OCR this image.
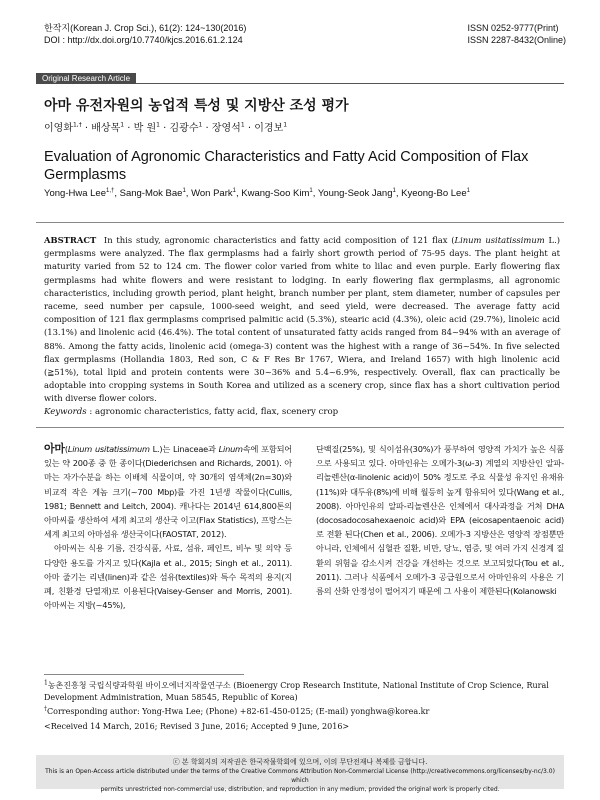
한작지(Korean J. Crop Sci.), 61(2): 124~130(2016)
DOI : http://dx.doi.org/10.7740/kjcs.2016.61.2.124
ISSN 0252-9777(Print)
ISSN 2287-8432(Online)
Original Research Article
아마 유전자원의 농업적 특성 및 지방산 조성 평가
이영화$^{1,\dagger}$ · 배상목$^1$ · 박 원$^1$ · 김광수$^1$ · 장영석$^1$ · 이경보$^1$
Evaluation of Agronomic Characteristics and Fatty Acid Composition of Flax Germplasms
Yong-Hwa Lee$^{1,\dagger}$, Sang-Mok Bae$^1$, Won Park$^1$, Kwang-Soo Kim$^1$, Young-Seok Jang$^1$, Kyeong-Bo Lee$^1$
ABSTRACT In this study, agronomic characteristics and fatty acid composition of 121 flax (Linum usitatissimum L.) germplasms were analyzed. The flax germplasms had a fairly short growth period of 75-95 days. The plant height at maturity varied from 52 to 124 cm. The flower color varied from white to lilac and even purple. Early flowering flax germplasms had white flowers and were resistant to lodging. In early flowering flax germplasms, all agronomic characteristics, including growth period, plant height, branch number per plant, stem diameter, number of capsules per raceme, seed number per capsule, 1000-seed weight, and seed yield, were decreased. The average fatty acid composition of 121 flax germplasms comprised palmitic acid (5.3%), stearic acid (4.3%), oleic acid (29.7%), linoleic acid (13.1%) and linolenic acid (46.4%). The total content of unsaturated fatty acids ranged from 84~94% with an average of 88%. Among the fatty acids, linolenic acid (omega-3) content was the highest with a range of 36~54%. In five selected flax germplasms (Hollandia 1803, Red son, C & F Res Br 1767, Wiera, and Ireland 1657) with high linolenic acid (≧51%), total lipid and protein contents were 30~36% and 5.4~6.9%, respectively. Overall, flax can practically be adoptable into cropping systems in South Korea and utilized as a scenery crop, since flax has a short cultivation period with diverse flower colors.
Keywords : agronomic characteristics, fatty acid, flax, scenery crop

아마(Linum usitatissimum L.)는 Linaceae과 Linum속에 포함되어 있는 약 200종 중 한 종이다(Diederichsen and Richards, 2001). 아마는 자가수분을 하는 이배체 식물이며, 약 30개의 염색체(2n=30)와 비교적 작은 게놈 크기(~700 Mbp)를 가진 1년생 작물이다(Cullis, 1981; Bennett and Leitch, 2004). 캐나다는 2014년 614,800톤의 아마씨를 생산하여 세계 최고의 생산국 이고(Flax Statistics), 프랑스는 세계 최고의 아마섬유 생산국이다(FAOSTAT, 2012).

아마씨는 식용 기름, 건강식품, 사료, 섬유, 페인트, 비누 및 의약 등 다양한 용도를 가지고 있다(Kajla et al., 2015; Singh et al., 2011). 아마 줄기는 리넨(linen)과 같은 섬유(textiles)와 특수 목적의 용지(지폐, 친환경 단열재)로 이용된다(Vaisey-Genser and Morris, 2001). 아마씨는 지방(~45%),

단백질(25%), 및 식이섬유(30%)가 풍부하여 영양적 가치가 높은 식품으로 사용되고 있다. 아마인유는 오메가-3(ω-3) 계열의 지방산인 알파-리놀렌산(α-linolenic acid)이 50% 정도로 주요 식물성 유지인 유채유(11%)와 대두유(8%)에 비해 월등히 높게 함유되어 있다(Wang et al., 2008). 아마인유의 알파-리놀렌산은 인체에서 대사과정을 거쳐 DHA (docosadocosahexaenoic acid)와 EPA (eicosapentaenoic acid)로 전환 된다(Chen et al., 2006). 오메가-3 지방산은 영양적 장점뿐만 아니라, 인체에서 심혈관 질환, 비만, 당뇨, 염증, 및 여러 가지 신경계 질환의 위험을 감소시켜 건강을 개선하는 것으로 보고되었다(Tou et al., 2011). 그러나 식품에서 오메가-3 공급원으로서 아마인유의 사용은 기름의 산화 안정성이 떨어지기 때문에 그 사용이 제한된다(Kolanowski

$^1$농촌진흥청 국립식량과학원 바이오에너지작물연구소 (Bioenergy Crop Research Institute, National Institute of Crop Science, Rural Development Administration, Muan 58545, Republic of Korea)
†Corresponding author: Yong-Hwa Lee; (Phone) +82-61-450-0125; (E-mail) yonghwa@korea.kr
<Received 14 March, 2016; Revised 3 June, 2016; Accepted 9 June, 2016>
ⓒ 본 학회지의 저작권은 한국작물학회에 있으며, 이의 무단전재나 복제를 금합니다.
This is an Open-Access article distributed under the terms of the Creative Commons Attribution Non-Commercial License (http://creativecommons.org/licenses/by-nc/3.0) which
permits unrestricted non-commercial use, distribution, and reproduction in any medium, provided the original work is properly cited.
